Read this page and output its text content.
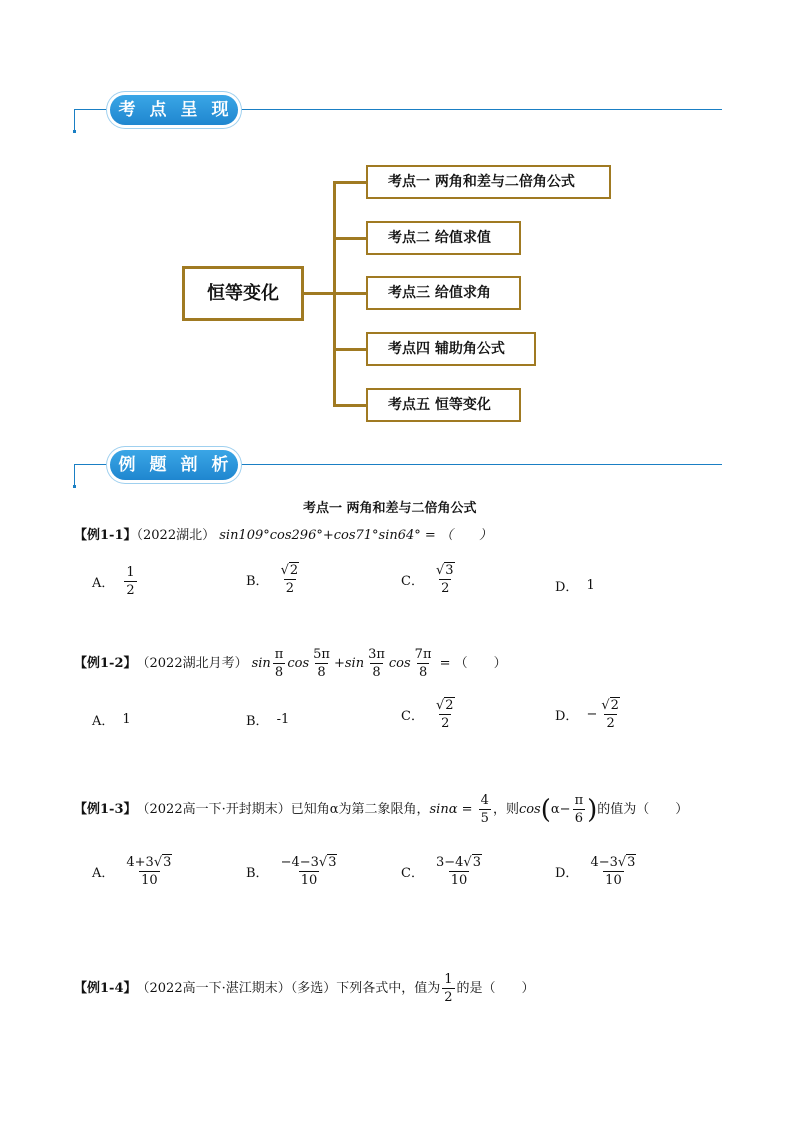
考 点 呈 现
恒等变化
考点一 两角和差与二倍角公式
考点二 给值求值
考点三 给值求角
考点四 辅助角公式
考点五 恒等变化
例 题 剖 析
考点一 两角和差与二倍角公式
【例1-1】（2022湖北） sin109°cos296°+cos71°sin64° = （　　）
A． $\frac{1}{2}$	B． $\frac{√2}{2}$	C． $\frac{√3}{2}$	D． 1
【例1-2】 （2022湖北月考） $\sin \frac{\pi}{8}$ $\cos \frac{5\pi}{8} + \sin \frac{3\pi}{8}$ $\cos \frac{7\pi}{8}$ = （　　）
A． 1	B． -1	C． $\frac{√2}{2}$	D． − $\frac{√2}{2}$
【例1-3】 （2022高一下·开封期末） 已知角α为第二象限角， $\sin\alpha = \frac{4}{5}$ ，则 cos ( $\alpha- \frac{\pi}{6}$ ) 的值为（　　）
A． $\frac{4+3√3}{10}$	B． $\frac{-4-3√3}{10}$	C． $\frac{3-4√3}{10}$	D． $\frac{4-3√3}{10}$
【例1-4】 （2022高一下·湛江期末）（多选） 下列各式中，值为 $\frac{1}{2}$ 的是（　　）
